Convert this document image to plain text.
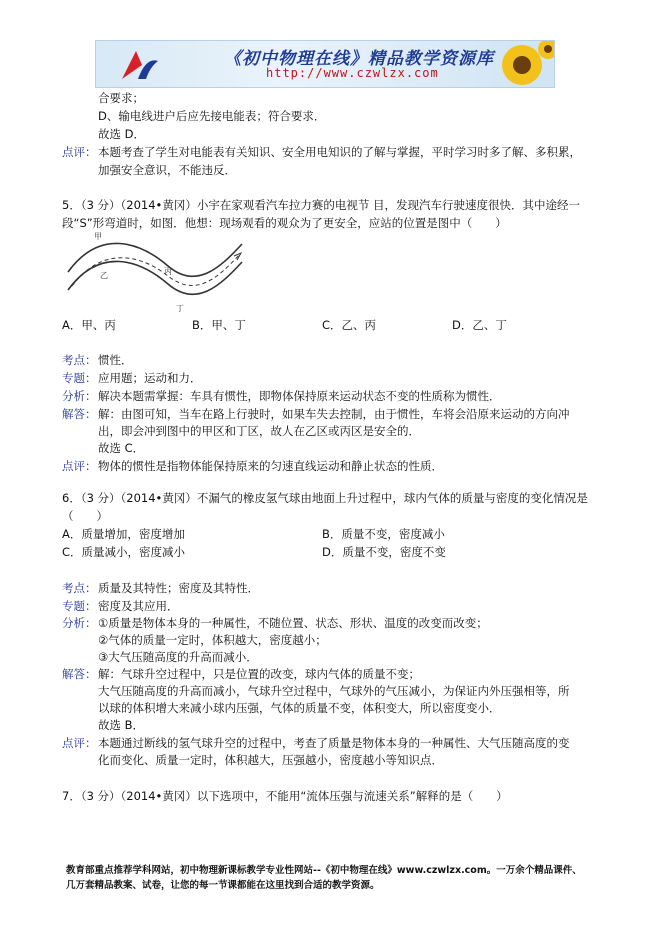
《初中物理在线》精品教学资源库
http://www.czwlzx.com
合要求；
D、输电线进户后应先接电能表；符合要求．
故选 D．
点评： 本题考查了学生对电能表有关知识、安全用电知识的了解与掌握，平时学习时多了解、多积累，
加强安全意识，不能违反．
5．（3 分）（2014•黄冈）小宇在家观看汽车拉力赛的电视节 目，发现汽车行驶速度很快．其中途经一
段“S”形弯道时，如图．他想：现场观看的观众为了更安全，应站的位置是图中（　　）
甲
乙	丙
丁
A．甲、丙	B．甲、丁	C．乙、丙	D．乙、丁
考点： 惯性．
专题： 应用题；运动和力．
分析： 解决本题需掌握：车具有惯性，即物体保持原来运动状态不变的性质称为惯性．
解答： 解：由图可知，当车在路上行驶时，如果车失去控制，由于惯性，车将会沿原来运动的方向冲
出，即会冲到图中的甲区和丁区，故人在乙区或丙区是安全的．
故选 C．
点评： 物体的惯性是指物体能保持原来的匀速直线运动和静止状态的性质．
6．（3 分）（2014•黄冈）不漏气的橡皮氢气球由地面上升过程中，球内气体的质量与密度的变化情况是
（　　）
A．质量增加，密度增加	B．质量不变，密度减小
C．质量减小，密度减小	D．质量不变，密度不变
考点： 质量及其特性；密度及其特性．
专题： 密度及其应用．
分析： ①质量是物体本身的一种属性，不随位置、状态、形状、温度的改变而改变；
②气体的质量一定时，体积越大，密度越小；
③大气压随高度的升高而减小．
解答： 解：气球升空过程中，只是位置的改变，球内气体的质量不变；
大气压随高度的升高而减小，气球升空过程中，气球外的气压减小，为保证内外压强相等，所
以球的体积增大来减小球内压强，气体的质量不变，体积变大，所以密度变小．
故选 B．
点评： 本题通过断线的氢气球升空的过程中，考查了质量是物体本身的一种属性、大气压随高度的变
化而变化、质量一定时，体积越大，压强越小，密度越小等知识点．
7．（3 分）（2014•黄冈）以下选项中，不能用“流体压强与流速关系”解释的是（　　）
教育部重点推荐学科网站，初中物理新课标教学专业性网站--《初中物理在线》www.czwlzx.com。一万余个精品课件、
几万套精品教案、试卷，让您的每一节课都能在这里找到合适的教学资源。
